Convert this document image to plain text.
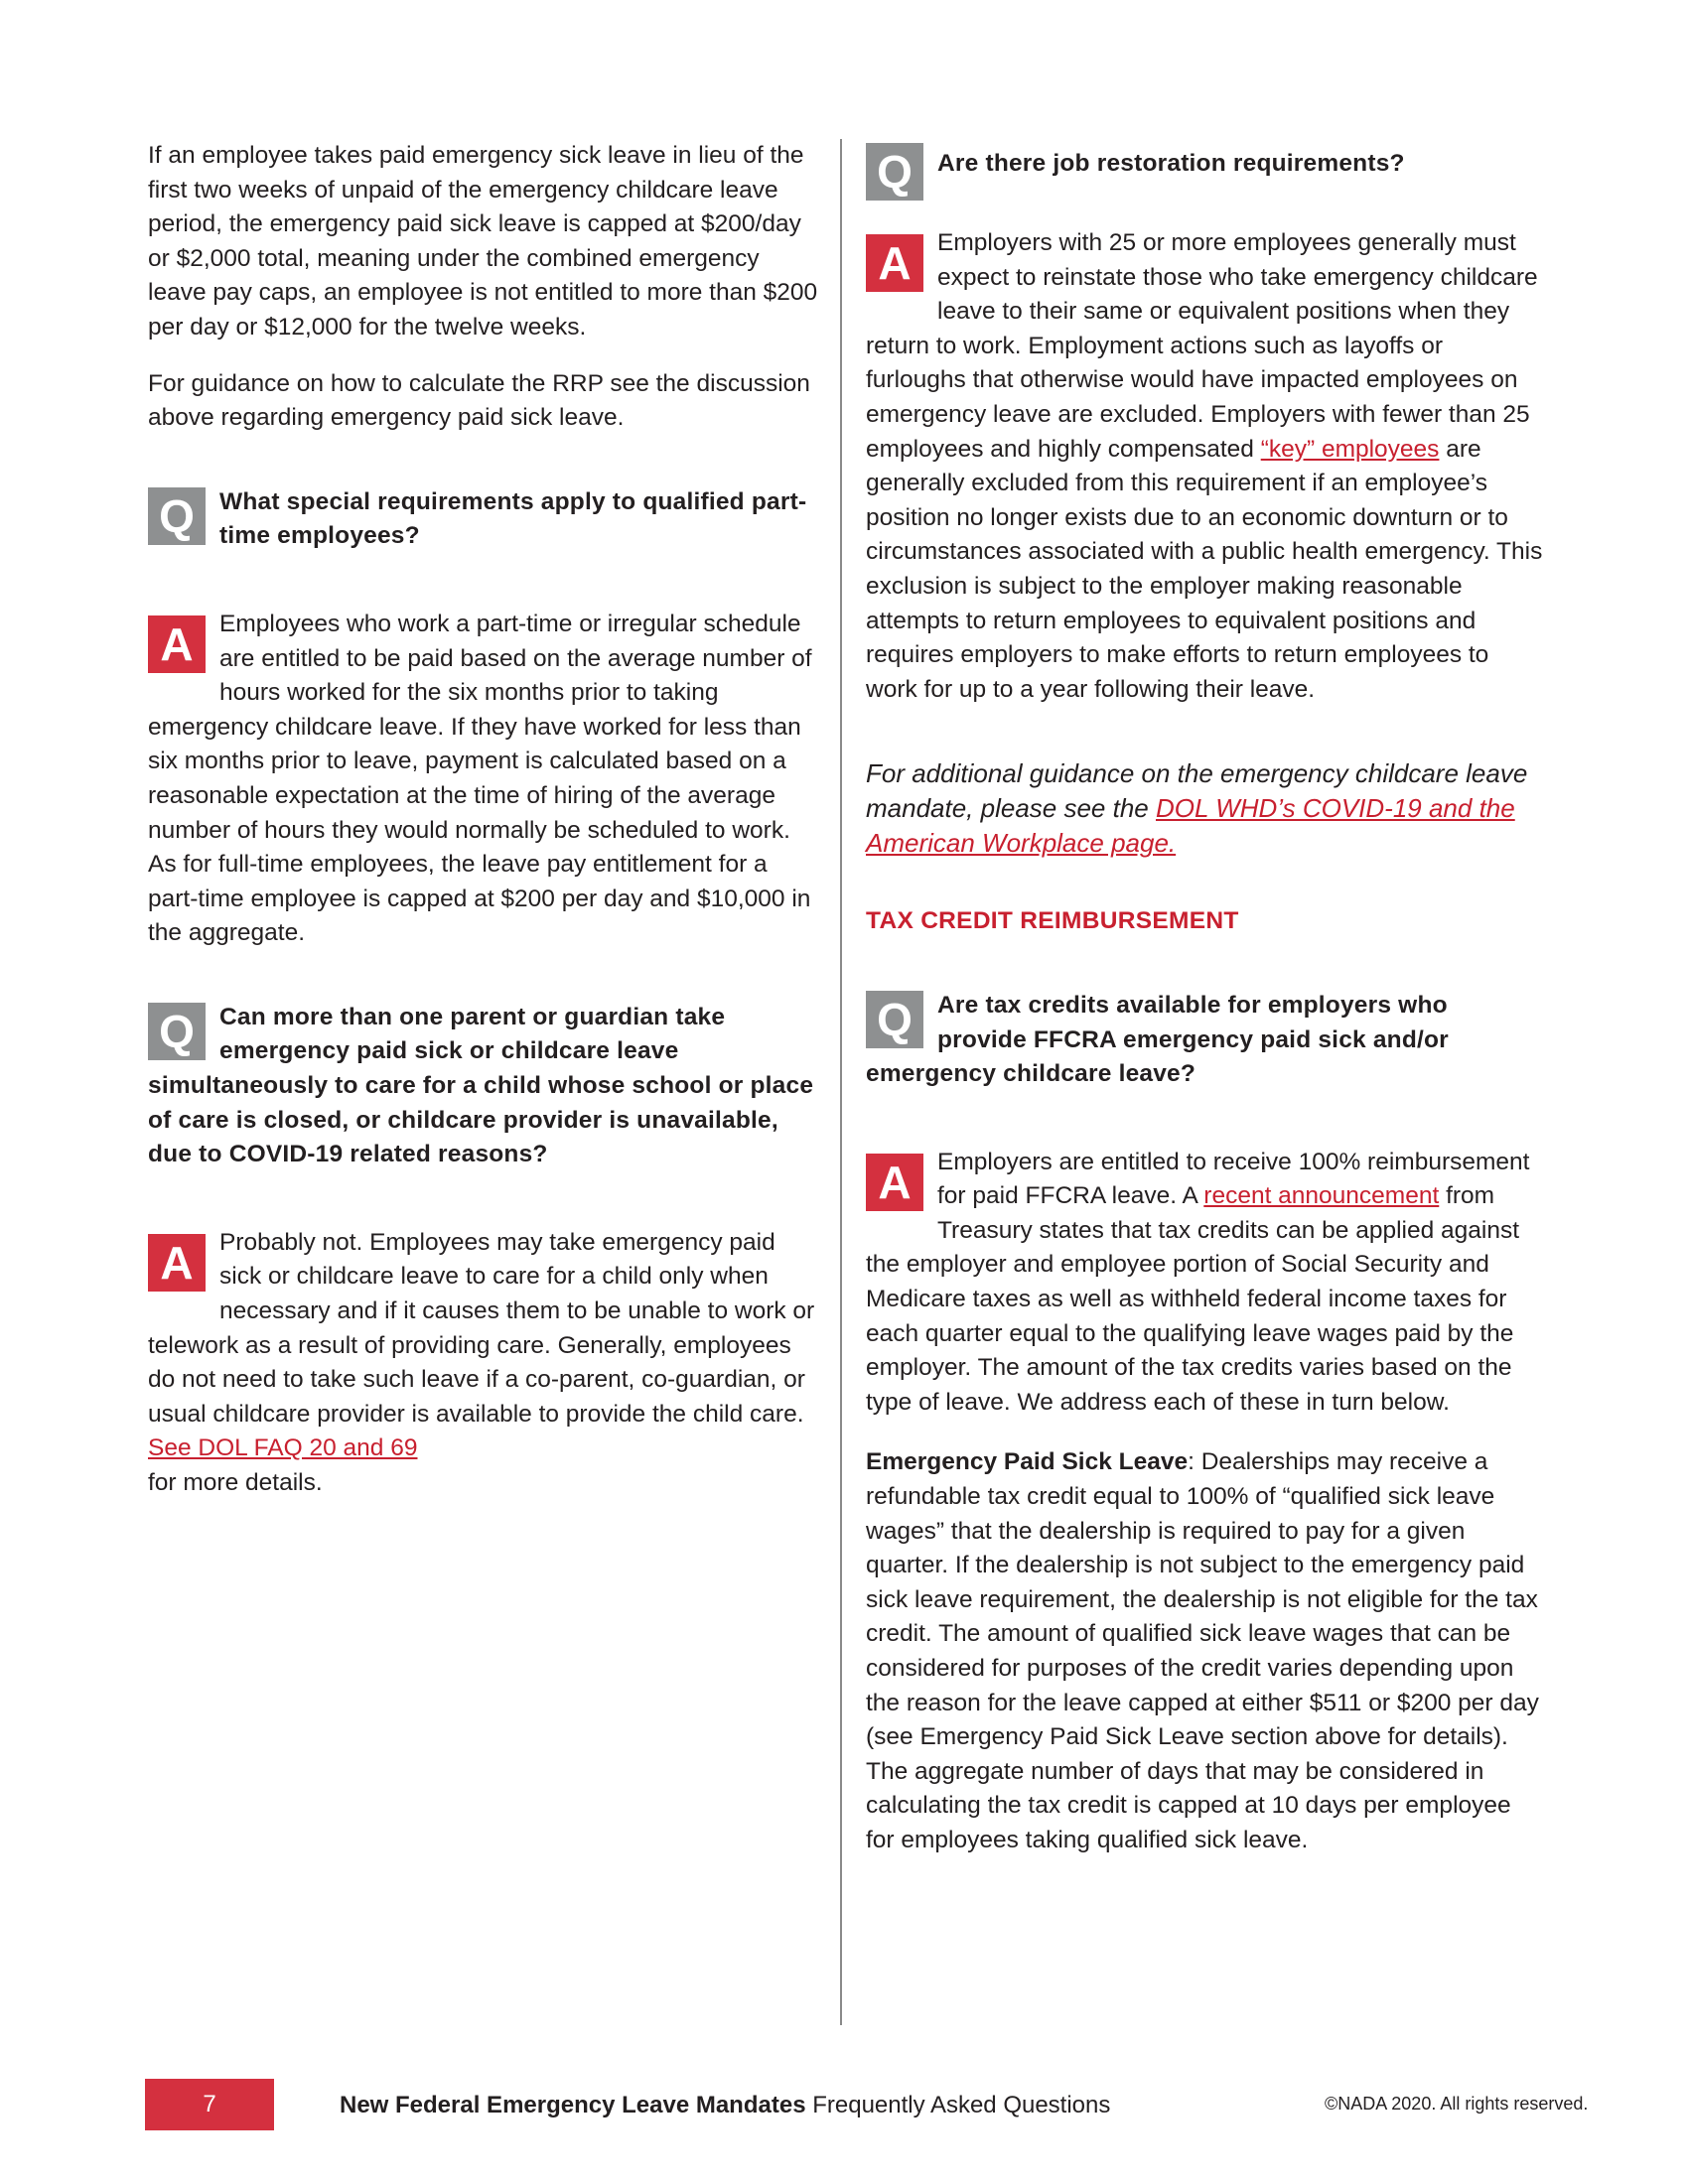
If an employee takes paid emergency sick leave in lieu of the first two weeks of unpaid of the emergency childcare leave period, the emergency paid sick leave is capped at $200/day or $2,000 total, meaning under the combined emergency leave pay caps, an employee is not entitled to more than $200 per day or $12,000 for the twelve weeks.

For guidance on how to calculate the RRP see the discussion above regarding emergency paid sick leave.

Q	What special requirements apply to qualified part-time employees?
A	Employees who work a part-time or irregular schedule are entitled to be paid based on the average number of hours worked for the six months prior to taking emergency childcare leave. If they have worked for less than six months prior to leave, payment is calculated based on a reasonable expectation at the time of hiring of the average number of hours they would normally be scheduled to work. As for full-time employees, the leave pay entitlement for a part-time employee is capped at $200 per day and $10,000 in the aggregate.
Q	Can more than one parent or guardian take emergency paid sick or childcare leave simultaneously to care for a child whose school or place of care is closed, or childcare provider is unavailable, due to COVID-19 related reasons?
A	Probably not. Employees may take emergency paid sick or childcare leave to care for a child only when necessary and if it causes them to be unable to work or telework as a result of providing care. Generally, employees do not need to take such leave if a co-parent, co-guardian, or usual childcare provider is available to provide the child care. See DOL FAQ 20 and 69
for more details.
Q	Are there job restoration requirements?
A	Employers with 25 or more employees generally must expect to reinstate those who take emergency childcare leave to their same or equivalent positions when they return to work. Employment actions such as layoffs or furloughs that otherwise would have impacted employees on emergency leave are excluded. Employers with fewer than 25 employees and highly compensated “key” employees are generally excluded from this requirement if an employee’s position no longer exists due to an economic downturn or to circumstances associated with a public health emergency. This exclusion is subject to the employer making reasonable attempts to return employees to equivalent positions and requires employers to make efforts to return employees to work for up to a year following their leave.

For additional guidance on the emergency childcare leave mandate, please see the DOL WHD’s COVID-19 and the American Workplace page.

TAX CREDIT REIMBURSEMENT
Q	Are tax credits available for employers who provide FFCRA emergency paid sick and/or emergency childcare leave?
A	Employers are entitled to receive 100% reimbursement for paid FFCRA leave. A recent announcement from Treasury states that tax credits can be applied against the employer and employee portion of Social Security and Medicare taxes as well as withheld federal income taxes for each quarter equal to the qualifying leave wages paid by the employer. The amount of the tax credits varies based on the type of leave. We address each of these in turn below.

Emergency Paid Sick Leave: Dealerships may receive a refundable tax credit equal to 100% of “qualified sick leave wages” that the dealership is required to pay for a given quarter. If the dealership is not subject to the emergency paid sick leave requirement, the dealership is not eligible for the tax credit. The amount of qualified sick leave wages that can be considered for purposes of the credit varies depending upon the reason for the leave capped at either $511 or $200 per day (see Emergency Paid Sick Leave section above for details). The aggregate number of days that may be considered in calculating the tax credit is capped at 10 days per employee for employees taking qualified sick leave.

7	New Federal Emergency Leave Mandates Frequently Asked Questions	©NADA 2020. All rights reserved.
